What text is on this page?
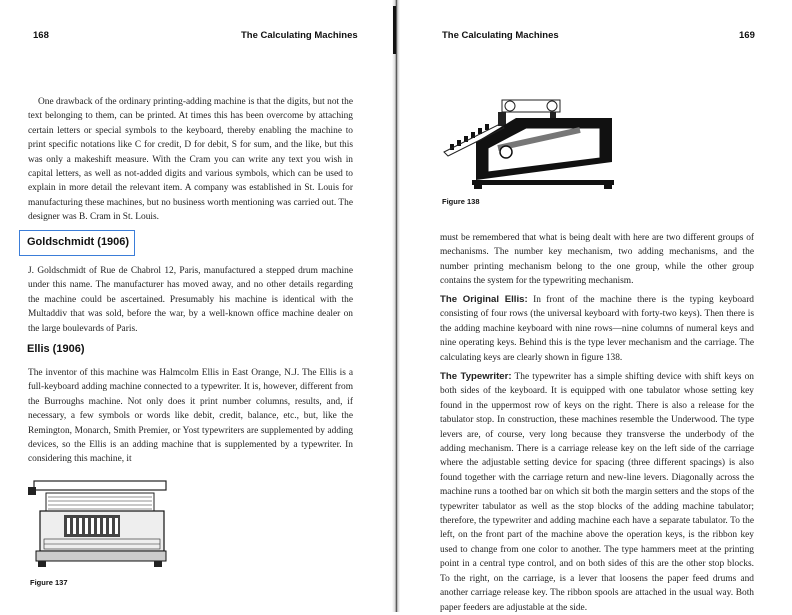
168	The Calculating Machines
One drawback of the ordinary printing-adding machine is that the digits, but not the text belonging to them, can be printed. At times this has been overcome by attaching certain letters or special symbols to the keyboard, thereby enabling the machine to print specific notations like C for credit, D for debit, S for sum, and the like, but this was only a makeshift measure. With the Cram you can write any text you wish in capital letters, as well as not-added digits and various symbols, which can be used to explain in more detail the relevant item. A company was established in St. Louis for manufacturing these machines, but no business worth mentioning was carried out. The designer was B. Cram in St. Louis.
Goldschmidt (1906)
J. Goldschmidt of Rue de Chabrol 12, Paris, manufactured a stepped drum machine under this name. The manufacturer has moved away, and no other details regarding the machine could be ascertained. Presumably his machine is identical with the Multaddiv that was sold, before the war, by a well-known office machine dealer on the large boulevards of Paris.
Ellis (1906)
The inventor of this machine was Halmcolm Ellis in East Orange, N.J. The Ellis is a full-keyboard adding machine connected to a typewriter. It is, however, different from the Burroughs machine. Not only does it print number columns, results, and, if necessary, a few symbols or words like debit, credit, balance, etc., but, like the Remington, Monarch, Smith Premier, or Yost typewriters are supplemented by adding devices, so the Ellis is an adding machine that is supplemented by a typewriter. In considering this machine, it
Figure 137
The Calculating Machines	169
Figure 138
must be remembered that what is being dealt with here are two different groups of mechanisms. The number key mechanism, two adding mechanisms, and the number printing mechanism belong to the one group, while the other group contains the system for the typewriting mechanism.
The Original Ellis: In front of the machine there is the typing keyboard consisting of four rows (the universal keyboard with forty-two keys). Then there is the adding machine keyboard with nine rows—nine columns of numeral keys and nine operating keys. Behind this is the type lever mechanism and the carriage. The calculating keys are clearly shown in figure 138.
The Typewriter: The typewriter has a simple shifting device with shift keys on both sides of the keyboard. It is equipped with one tabulator whose setting key found in the uppermost row of keys on the right. There is also a release for the tabulator stop. In construction, these machines resemble the Underwood. The type levers are, of course, very long because they transverse the underbody of the adding mechanism. There is a carriage release key on the left side of the carriage where the adjustable setting device for spacing (three different spacings) is also found together with the carriage return and new-line levers. Diagonally across the machine runs a toothed bar on which sit both the margin setters and the stops of the typewriter tabulator as well as the stop blocks of the adding machine tabulator; therefore, the typewriter and adding machine each have a separate tabulator. To the left, on the front part of the machine above the operation keys, is the ribbon key used to change from one color to another. The type hammers meet at the printing point in a central type control, and on both sides of this are the other stop blocks. To the right, on the carriage, is a lever that loosens the paper feed drums and another carriage release key. The ribbon spools are attached in the usual way. Both paper feeders are adjustable at the side.
